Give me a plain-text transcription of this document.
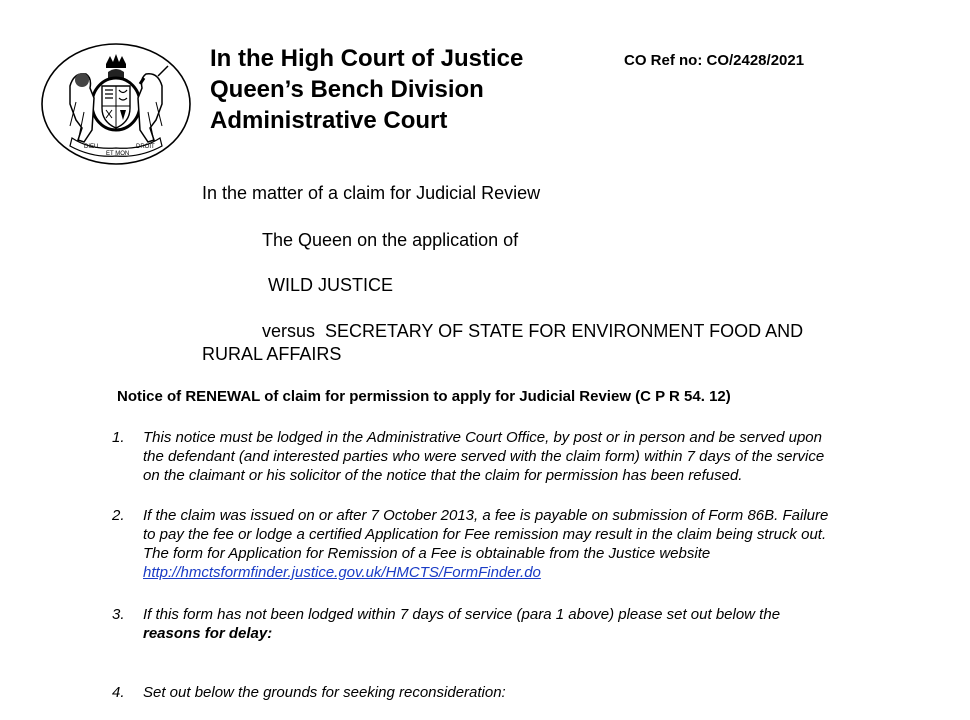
DIEU
ET MON
DROIT
In the High Court of Justice
Queen’s Bench Division
Administrative Court
CO Ref no: CO/2428/2021
In the matter of a claim for Judicial Review
The Queen on the application of
WILD JUSTICE
versus SECRETARY OF STATE FOR ENVIRONMENT FOOD AND
RURAL AFFAIRS
Notice of RENEWAL of claim for permission to apply for Judicial Review (C P R 54. 12)
1.	This notice must be lodged in the Administrative Court Office, by post or in person and be served upon
the defendant (and interested parties who were served with the claim form) within 7 days of the service
on the claimant or his solicitor of the notice that the claim for permission has been refused.
2.	If the claim was issued on or after 7 October 2013, a fee is payable on submission of Form 86B. Failure
to pay the fee or lodge a certified Application for Fee remission may result in the claim being struck out.
The form for Application for Remission of a Fee is obtainable from the Justice website
http://hmctsformfinder.justice.gov.uk/HMCTS/FormFinder.do
3.	If this form has not been lodged within 7 days of service (para 1 above) please set out below the
reasons for delay:
4.	Set out below the grounds for seeking reconsideration:
